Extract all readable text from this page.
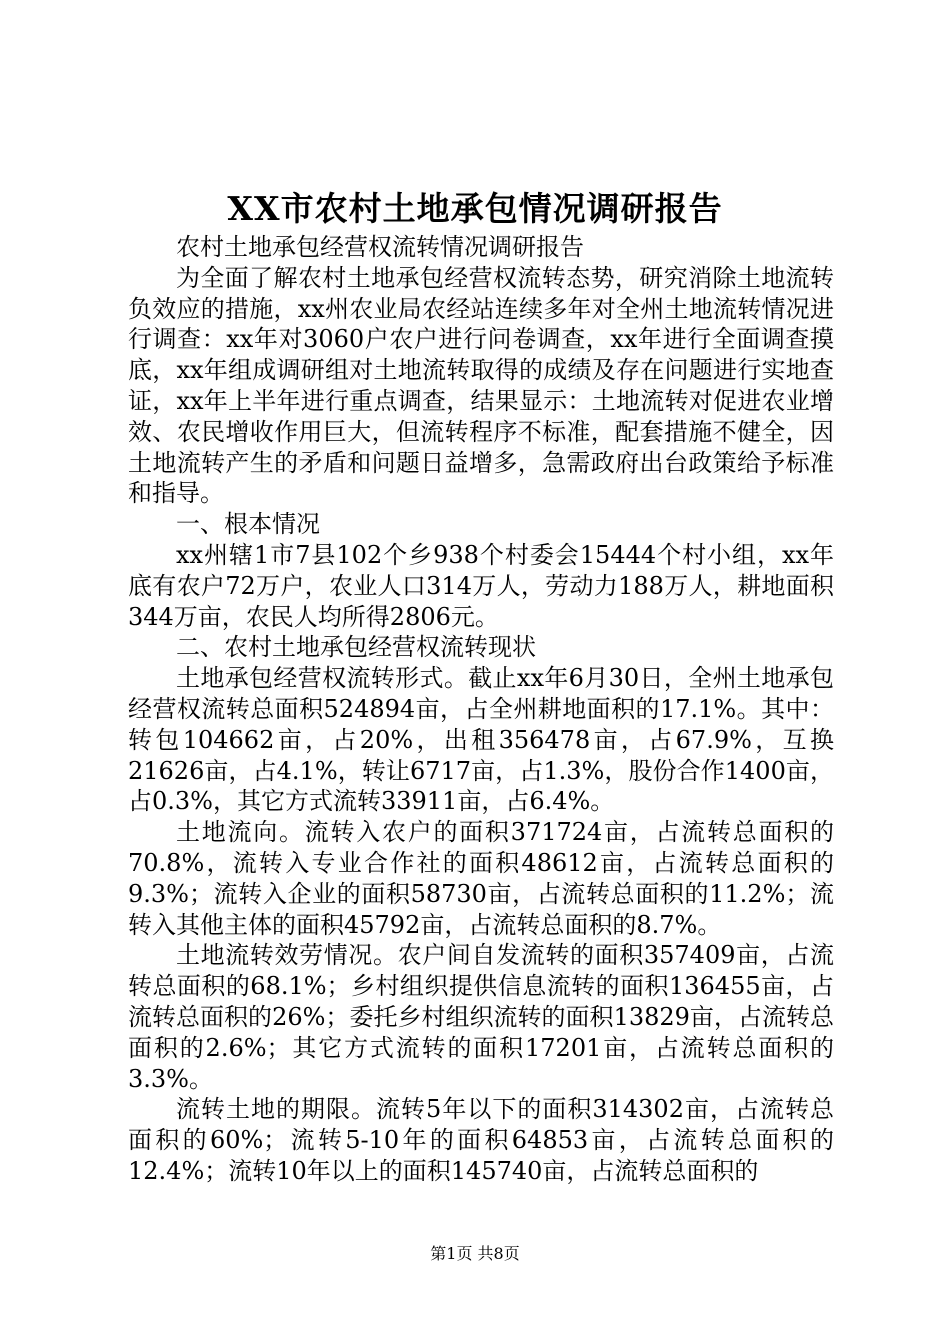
XX市农村土地承包情况调研报告

农村土地承包经营权流转情况调研报告

为全面了解农村土地承包经营权流转态势，研究消除土地流转负效应的措施，xx州农业局农经站连续多年对全州土地流转情况进行调查：xx年对3060户农户进行问卷调查，xx年进行全面调查摸底，xx年组成调研组对土地流转取得的成绩及存在问题进行实地查证，xx年上半年进行重点调查，结果显示：土地流转对促进农业增效、农民增收作用巨大，但流转程序不标准，配套措施不健全，因土地流转产生的矛盾和问题日益增多，急需政府出台政策给予标准和指导。

一、根本情况

xx州辖1市7县102个乡938个村委会15444个村小组，xx年底有农户72万户，农业人口314万人，劳动力188万人，耕地面积344万亩，农民人均所得2806元。

二、农村土地承包经营权流转现状

土地承包经营权流转形式。截止xx年6月30日，全州土地承包经营权流转总面积524894亩，占全州耕地面积的17.1%。其中：转包104662亩，占20%，出租356478亩，占67.9%，互换21626亩，占4.1%，转让6717亩，占1.3%，股份合作1400亩，占0.3%，其它方式流转33911亩，占6.4%。

土地流向。流转入农户的面积371724亩，占流转总面积的70.8%，流转入专业合作社的面积48612亩，占流转总面积的9.3%；流转入企业的面积58730亩，占流转总面积的11.2%；流转入其他主体的面积45792亩，占流转总面积的8.7%。

土地流转效劳情况。农户间自发流转的面积357409亩，占流转总面积的68.1%；乡村组织提供信息流转的面积136455亩，占流转总面积的26%；委托乡村组织流转的面积13829亩，占流转总面积的2.6%；其它方式流转的面积17201亩，占流转总面积的3.3%。

流转土地的期限。流转5年以下的面积314302亩，占流转总面积的60%；流转5-10年的面积64853亩，占流转总面积的12.4%；流转10年以上的面积145740亩，占流转总面积的

第1页 共8页
